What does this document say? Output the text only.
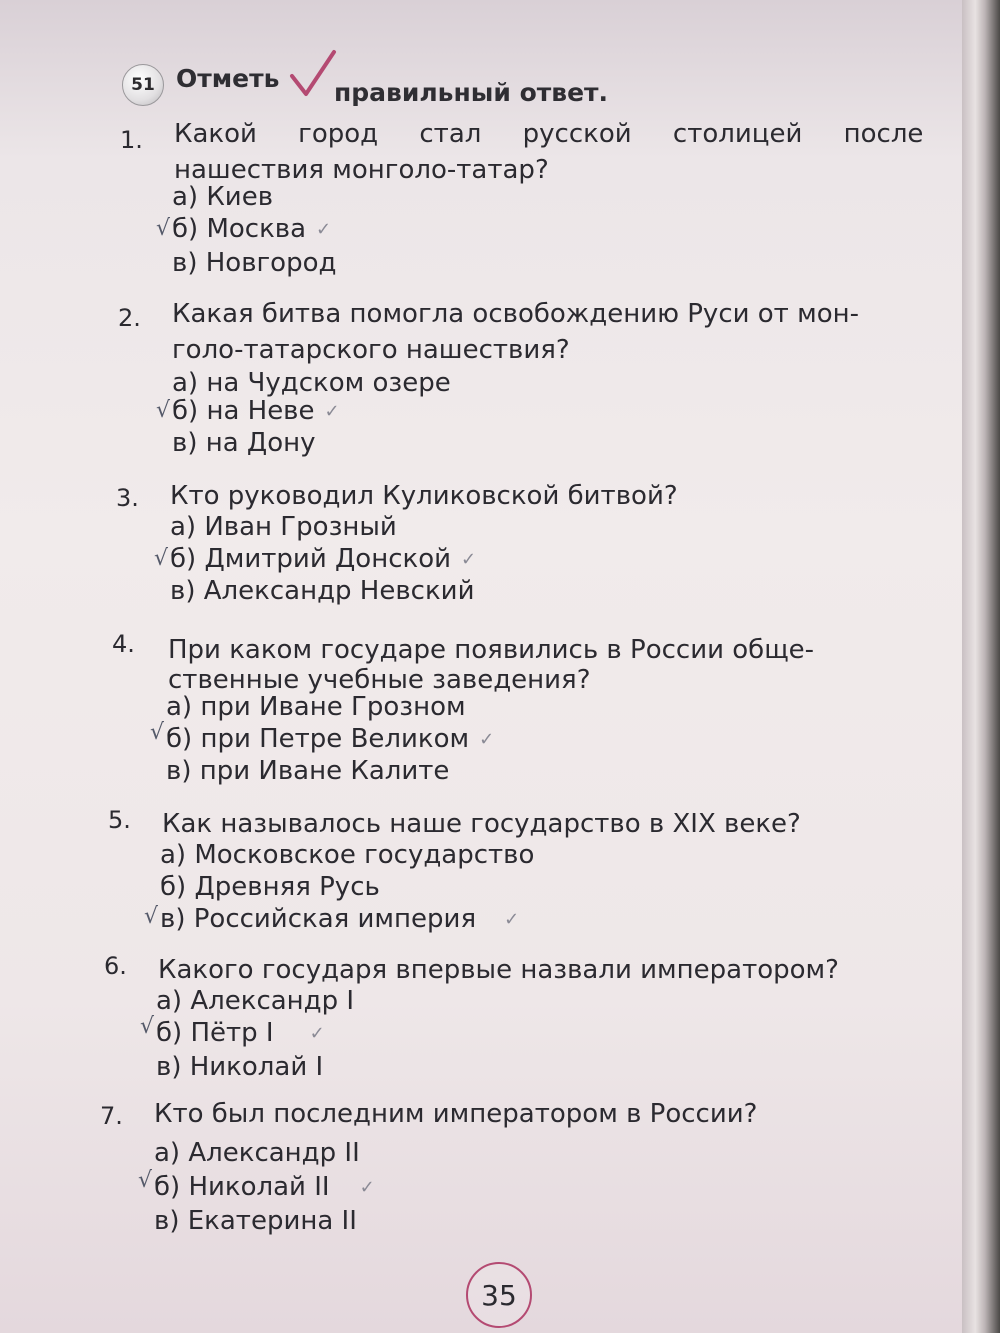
51 Отметь правильный ответ.
1. Какой город стал русской столицей после
нашествия монголо-татар?
а) Киев
√ б) Москва ✓
в) Новгород
2. Какая битва помогла освобождению Руси от мон-
голо-татарского нашествия?
а) на Чудском озере
√ б) на Неве ✓
в) на Дону
3. Кто руководил Куликовской битвой?
а) Иван Грозный
√ б) Дмитрий Донской ✓
в) Александр Невский
4. При каком государе появились в России обще-
ственные учебные заведения?
а) при Иване Грозном
√ б) при Петре Великом ✓
в) при Иване Калите
5. Как называлось наше государство в XIX веке?
а) Московское государство
б) Древняя Русь
√ в) Российская империя ✓
6. Какого государя впервые назвали императором?
а) Александр I
√ б) Пётр I ✓
в) Николай I
7. Кто был последним императором в России?
а) Александр II
√ б) Николай II ✓
в) Екатерина II
35
